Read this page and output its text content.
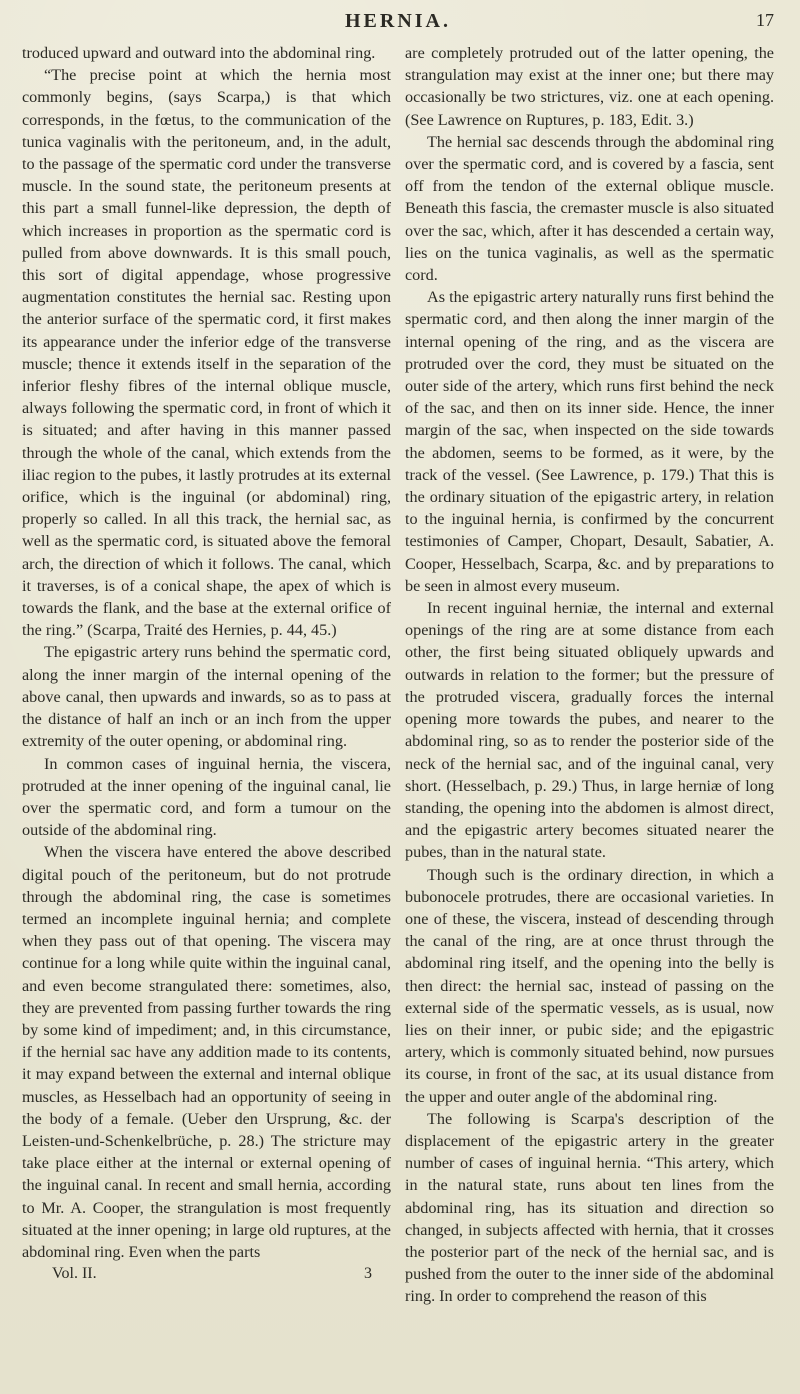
HERNIA.	17

troduced upward and outward into the abdominal ring.

“The precise point at which the hernia most commonly begins, (says Scarpa,) is that which corresponds, in the fœtus, to the communication of the tunica vaginalis with the peritoneum, and, in the adult, to the passage of the spermatic cord under the transverse muscle. In the sound state, the peritoneum presents at this part a small funnel-like depression, the depth of which increases in proportion as the spermatic cord is pulled from above downwards. It is this small pouch, this sort of digital appendage, whose progressive augmentation constitutes the hernial sac. Resting upon the anterior surface of the spermatic cord, it first makes its appearance under the inferior edge of the transverse muscle; thence it extends itself in the separation of the inferior fleshy fibres of the internal oblique muscle, always following the spermatic cord, in front of which it is situated; and after having in this manner passed through the whole of the canal, which extends from the iliac region to the pubes, it lastly protrudes at its external orifice, which is the inguinal (or abdominal) ring, properly so called. In all this track, the hernial sac, as well as the spermatic cord, is situated above the femoral arch, the direction of which it follows. The canal, which it traverses, is of a conical shape, the apex of which is towards the flank, and the base at the external orifice of the ring.” (Scarpa, Traité des Hernies, p. 44, 45.)

The epigastric artery runs behind the spermatic cord, along the inner margin of the internal opening of the above canal, then upwards and inwards, so as to pass at the distance of half an inch or an inch from the upper extremity of the outer opening, or abdominal ring.

In common cases of inguinal hernia, the viscera, protruded at the inner opening of the inguinal canal, lie over the spermatic cord, and form a tumour on the outside of the abdominal ring.

When the viscera have entered the above described digital pouch of the peritoneum, but do not protrude through the abdominal ring, the case is sometimes termed an incomplete inguinal hernia; and complete when they pass out of that opening. The viscera may continue for a long while quite within the inguinal canal, and even become strangulated there: sometimes, also, they are prevented from passing further towards the ring by some kind of impediment; and, in this circumstance, if the hernial sac have any addition made to its contents, it may expand between the external and internal oblique muscles, as Hesselbach had an opportunity of seeing in the body of a female. (Ueber den Ursprung, &c. der Leisten-und-Schenkelbrüche, p. 28.) The stricture may take place either at the internal or external opening of the inguinal canal. In recent and small hernia, according to Mr. A. Cooper, the strangulation is most frequently situated at the inner opening; in large old ruptures, at the abdominal ring. Even when the parts

Vol. II.	3

are completely protruded out of the latter opening, the strangulation may exist at the inner one; but there may occasionally be two strictures, viz. one at each opening. (See Lawrence on Ruptures, p. 183, Edit. 3.)

The hernial sac descends through the abdominal ring over the spermatic cord, and is covered by a fascia, sent off from the tendon of the external oblique muscle. Beneath this fascia, the cremaster muscle is also situated over the sac, which, after it has descended a certain way, lies on the tunica vaginalis, as well as the spermatic cord.

As the epigastric artery naturally runs first behind the spermatic cord, and then along the inner margin of the internal opening of the ring, and as the viscera are protruded over the cord, they must be situated on the outer side of the artery, which runs first behind the neck of the sac, and then on its inner side. Hence, the inner margin of the sac, when inspected on the side towards the abdomen, seems to be formed, as it were, by the track of the vessel. (See Lawrence, p. 179.) That this is the ordinary situation of the epigastric artery, in relation to the inguinal hernia, is confirmed by the concurrent testimonies of Camper, Chopart, Desault, Sabatier, A. Cooper, Hesselbach, Scarpa, &c. and by preparations to be seen in almost every museum.

In recent inguinal herniæ, the internal and external openings of the ring are at some distance from each other, the first being situated obliquely upwards and outwards in relation to the former; but the pressure of the protruded viscera, gradually forces the internal opening more towards the pubes, and nearer to the abdominal ring, so as to render the posterior side of the neck of the hernial sac, and of the inguinal canal, very short. (Hesselbach, p. 29.) Thus, in large herniæ of long standing, the opening into the abdomen is almost direct, and the epigastric artery becomes situated nearer the pubes, than in the natural state.

Though such is the ordinary direction, in which a bubonocele protrudes, there are occasional varieties. In one of these, the viscera, instead of descending through the canal of the ring, are at once thrust through the abdominal ring itself, and the opening into the belly is then direct: the hernial sac, instead of passing on the external side of the spermatic vessels, as is usual, now lies on their inner, or pubic side; and the epigastric artery, which is commonly situated behind, now pursues its course, in front of the sac, at its usual distance from the upper and outer angle of the abdominal ring.

The following is Scarpa's description of the displacement of the epigastric artery in the greater number of cases of inguinal hernia. “This artery, which in the natural state, runs about ten lines from the abdominal ring, has its situation and direction so changed, in subjects affected with hernia, that it crosses the posterior part of the neck of the hernial sac, and is pushed from the outer to the inner side of the abdominal ring. In order to comprehend the reason of this
